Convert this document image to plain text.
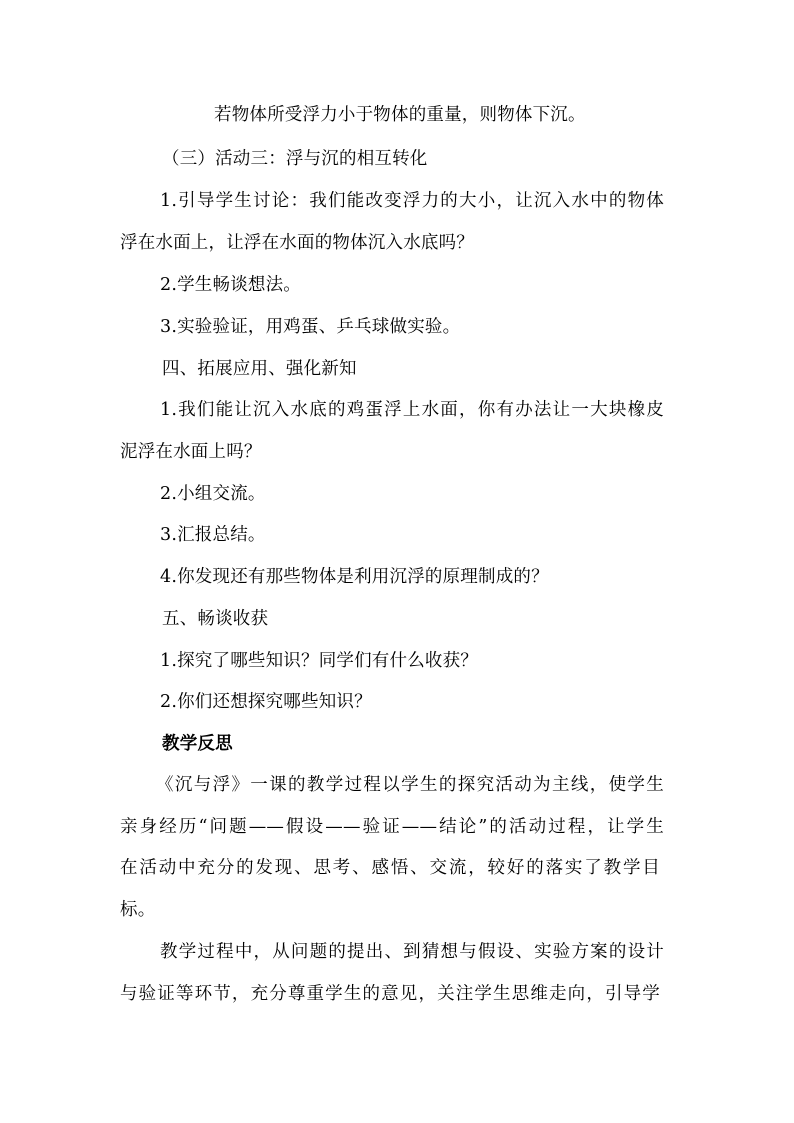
若物体所受浮力小于物体的重量，则物体下沉。
（三）活动三：浮与沉的相互转化
1.引导学生讨论：我们能改变浮力的大小，让沉入水中的物体
浮在水面上，让浮在水面的物体沉入水底吗？
2.学生畅谈想法。
3.实验验证，用鸡蛋、乒乓球做实验。
四、拓展应用、强化新知
1.我们能让沉入水底的鸡蛋浮上水面，你有办法让一大块橡皮
泥浮在水面上吗？
2.小组交流。
3.汇报总结。
4.你发现还有那些物体是利用沉浮的原理制成的？
五、畅谈收获
1.探究了哪些知识？同学们有什么收获？
2.你们还想探究哪些知识？
教学反思
《沉与浮》一课的教学过程以学生的探究活动为主线，使学生
亲身经历“问题——假设——验证——结论”的活动过程，让学生
在活动中充分的发现、思考、感悟、交流，较好的落实了教学目
标。
教学过程中，从问题的提出、到猜想与假设、实验方案的设计
与验证等环节，充分尊重学生的意见，关注学生思维走向，引导学
